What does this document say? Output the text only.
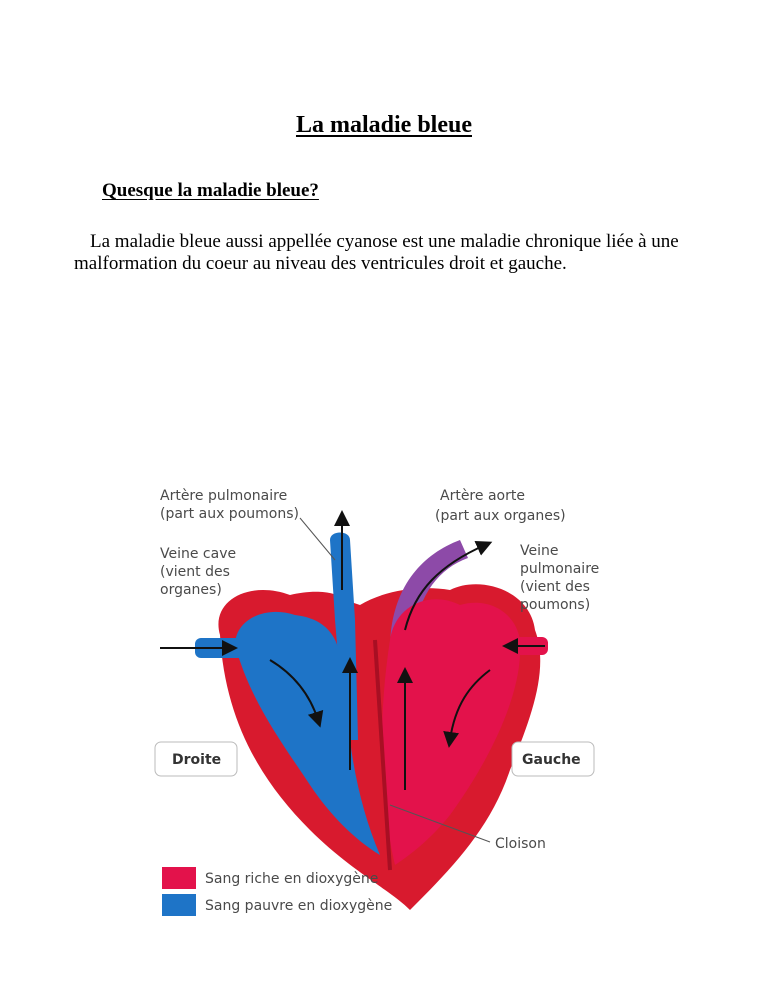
La maladie bleue
Quesque la maladie bleue?
La maladie bleue aussi appellée cyanose est une maladie chronique liée à une malformation du coeur au niveau des ventricules droit et gauche.
Artère pulmonaire
(part aux poumons)
Artère aorte
(part aux organes)
Veine cave
(vient des
organes)
Veine
pulmonaire
(vient des
poumons)
Droite	Gauche
Cloison
Sang riche en dioxygène
Sang pauvre en dioxygène
